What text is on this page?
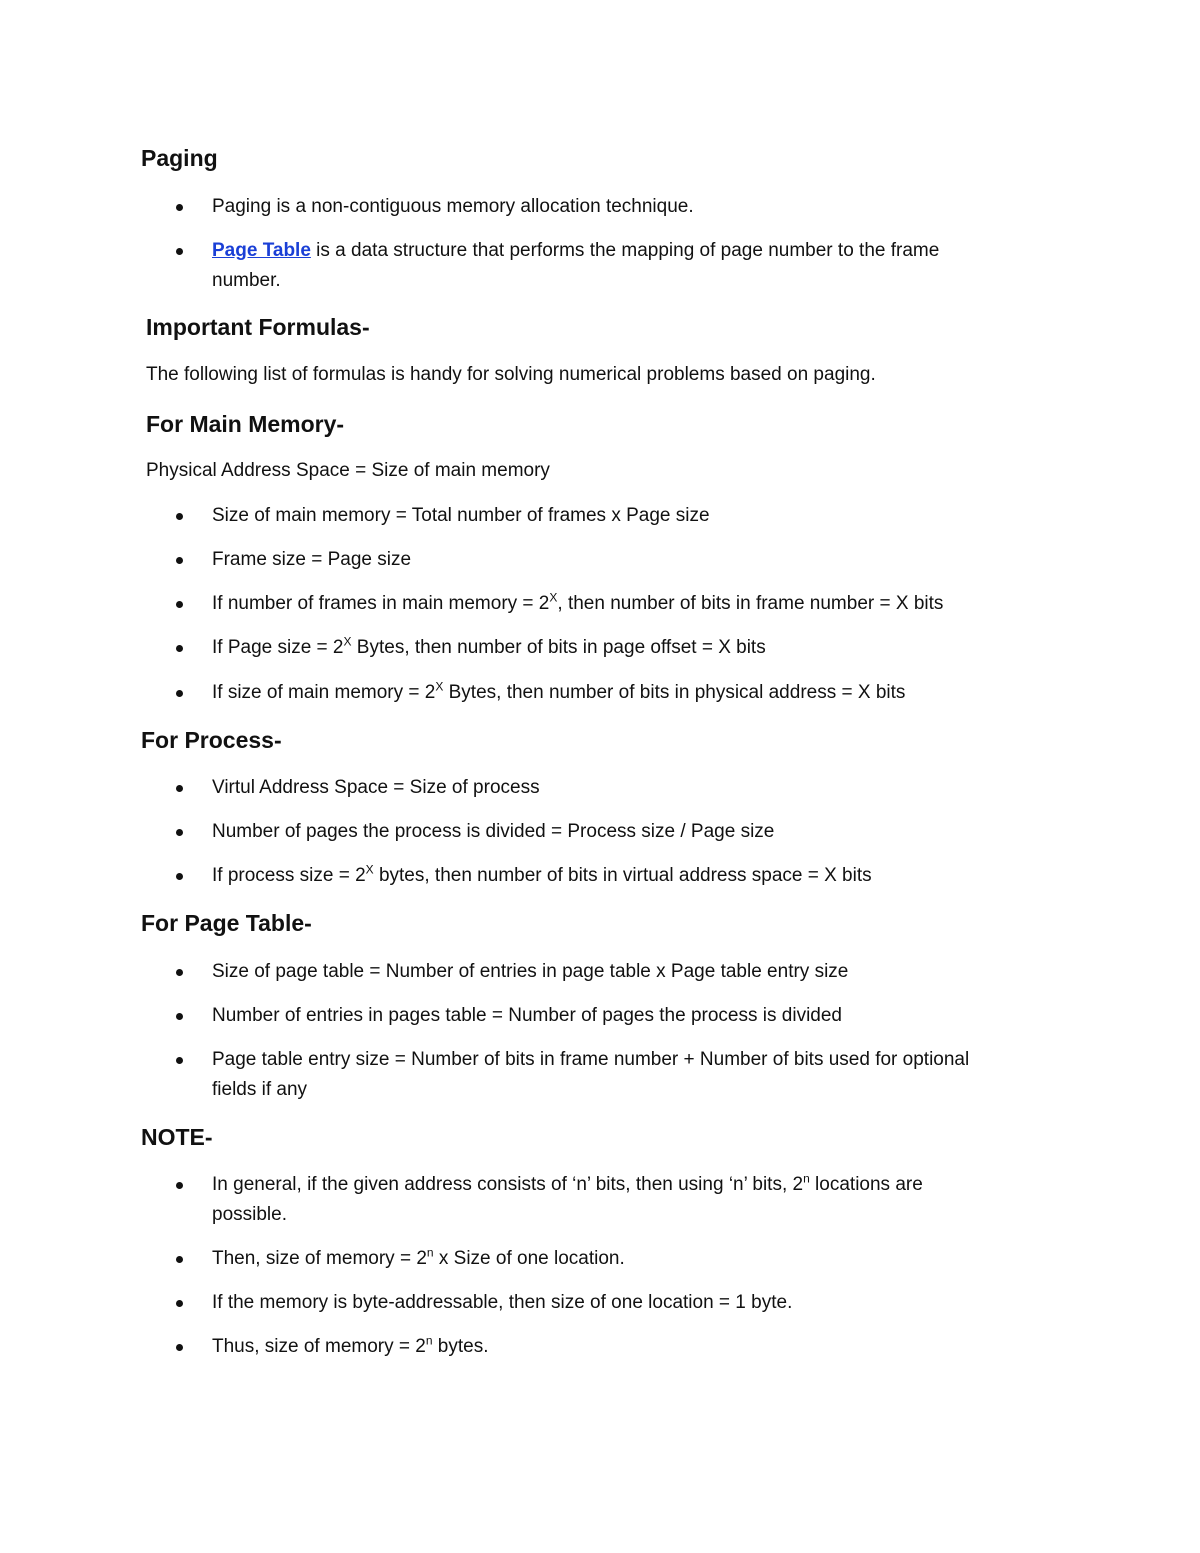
Paging
Paging is a non-contiguous memory allocation technique.
Page Table is a data structure that performs the mapping of page number to the frame
number.
Important Formulas-

The following list of formulas is handy for solving numerical problems based on paging.

For Main Memory-

Physical Address Space = Size of main memory

Size of main memory = Total number of frames x Page size
Frame size = Page size
If number of frames in main memory = $2^X$, then number of bits in frame number = X bits
If Page size = $2^X$ Bytes, then number of bits in page offset = X bits
If size of main memory = $2^X$ Bytes, then number of bits in physical address = X bits
For Process-
Virtul Address Space = Size of process
Number of pages the process is divided = Process size / Page size
If process size = $2^X$ bytes, then number of bits in virtual address space = X bits
For Page Table-
Size of page table = Number of entries in page table x Page table entry size
Number of entries in pages table = Number of pages the process is divided
Page table entry size = Number of bits in frame number + Number of bits used for optional
fields if any
NOTE-
In general, if the given address consists of ‘n’ bits, then using ‘n’ bits, 2$^n$ locations are
possible.
Then, size of memory = $2^n$ x Size of one location.
If the memory is byte-addressable, then size of one location = 1 byte.
Thus, size of memory = $2^n$ bytes.
